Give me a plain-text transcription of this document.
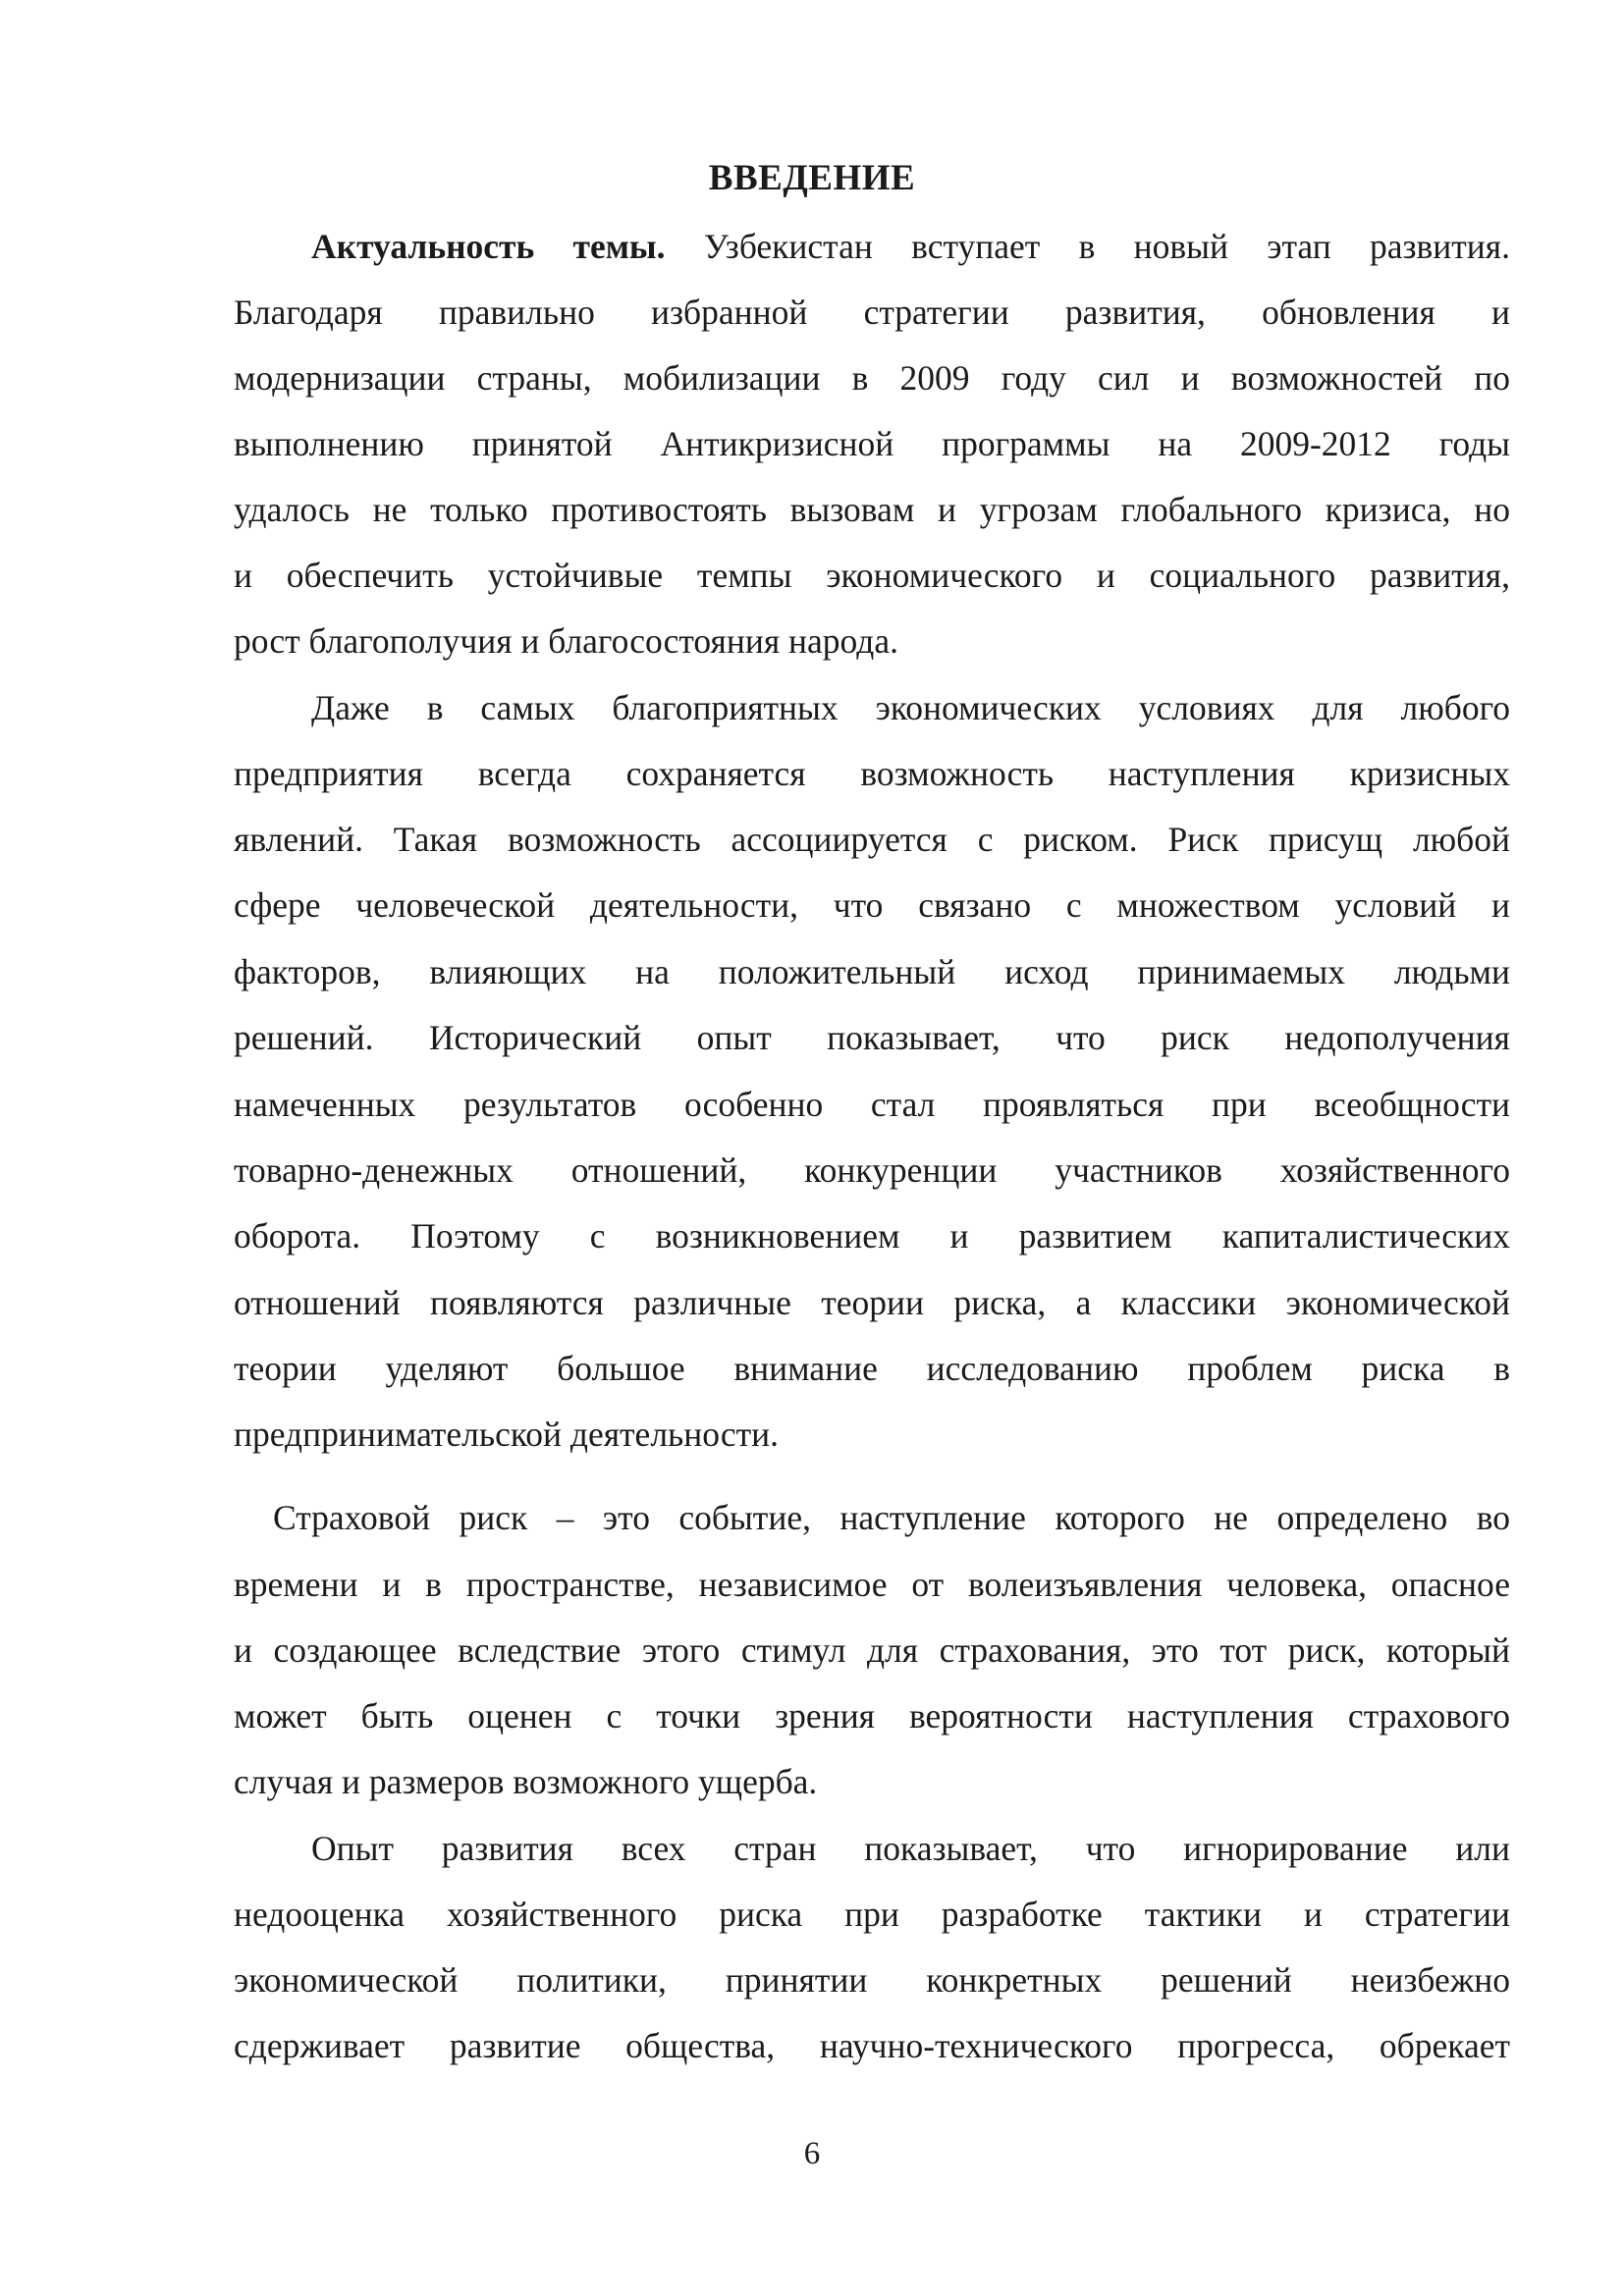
ВВЕДЕНИЕ
Актуальность темы. Узбекистан вступает в новый этап развития.
Благодаря правильно избранной стратегии развития, обновления и
модернизации страны, мобилизации в 2009 году сил и возможностей по
выполнению принятой Антикризисной программы на 2009-2012 годы
удалось не только противостоять вызовам и угрозам глобального кризиса, но
и обеспечить устойчивые темпы экономического и социального развития,
рост благополучия и благосостояния народа.
Даже в самых благоприятных экономических условиях для любого
предприятия всегда сохраняется возможность наступления кризисных
явлений. Такая возможность ассоциируется с риском. Риск присущ любой
сфере человеческой деятельности, что связано с множеством условий и
факторов, влияющих на положительный исход принимаемых людьми
решений. Исторический опыт показывает, что риск недополучения
намеченных результатов особенно стал проявляться при всеобщности
товарно-денежных отношений, конкуренции участников хозяйственного
оборота. Поэтому с возникновением и развитием капиталистических
отношений появляются различные теории риска, а классики экономической
теории уделяют большое внимание исследованию проблем риска в
предпринимательской деятельности.
Страховой риск – это событие, наступление которого не определено во
времени и в пространстве, независимое от волеизъявления человека, опасное
и создающее вследствие этого стимул для страхования, это тот риск, который
может быть оценен с точки зрения вероятности наступления страхового
случая и размеров возможного ущерба.
Опыт развития всех стран показывает, что игнорирование или
недооценка хозяйственного риска при разработке тактики и стратегии
экономической политики, принятии конкретных решений неизбежно
сдерживает развитие общества, научно-технического прогресса, обрекает
6
